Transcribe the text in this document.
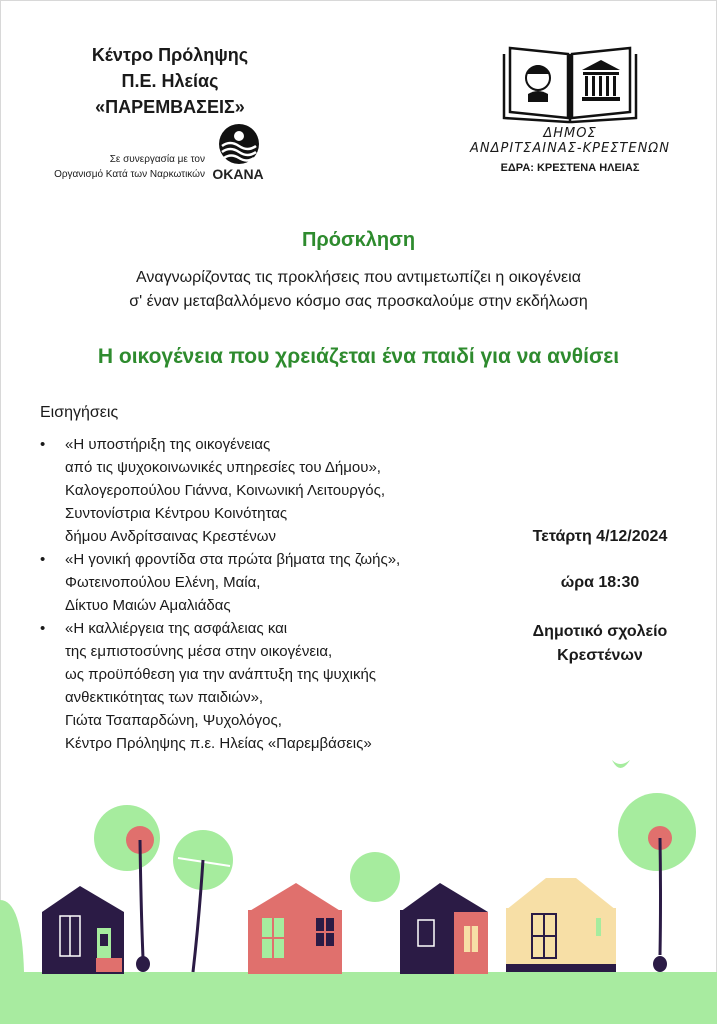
Κέντρο Πρόληψης
Π.Ε. Ηλείας
«ΠΑΡΕΜΒΑΣΕΙΣ»
Σε συνεργασία με τον
Οργανισμό Κατά των Ναρκωτικών OKANA
ΔΗΜΟΣ
ΑΝΔΡΙΤΣΑΙΝΑΣ-ΚΡΕΣΤΕΝΩΝ
ΕΔΡΑ: ΚΡΕΣΤΕΝΑ ΗΛΕΙΑΣ
Πρόσκληση
Αναγνωρίζοντας τις προκλήσεις που αντιμετωπίζει η οικογένεια
σ' έναν μεταβαλλόμενο κόσμο σας προσκαλούμε στην εκδήλωση
Η οικογένεια που χρειάζεται ένα παιδί για να ανθίσει
Εισηγήσεις
• «Η υποστήριξη της οικογένειας
από τις ψυχοκοινωνικές υπηρεσίες του Δήμου»,
Καλογεροπούλου Γιάννα, Κοινωνική Λειτουργός,
Συντονίστρια Κέντρου Κοινότητας
δήμου Ανδρίτσαινας Κρεστένων
• «Η γονική φροντίδα στα πρώτα βήματα της ζωής»,
Φωτεινοπούλου Ελένη, Μαία,
Δίκτυο Μαιών Αμαλιάδας
• «Η καλλιέργεια της ασφάλειας και
της εμπιστοσύνης μέσα στην οικογένεια,
ως προϋπόθεση για την ανάπτυξη της ψυχικής
ανθεκτικότητας των παιδιών»,
Γιώτα Τσαπαρδώνη, Ψυχολόγος,
Κέντρο Πρόληψης π.ε. Ηλείας «Παρεμβάσεις»
Τετάρτη 4/12/2024
ώρα 18:30
Δημοτικό σχολείο
Κρεστένων
